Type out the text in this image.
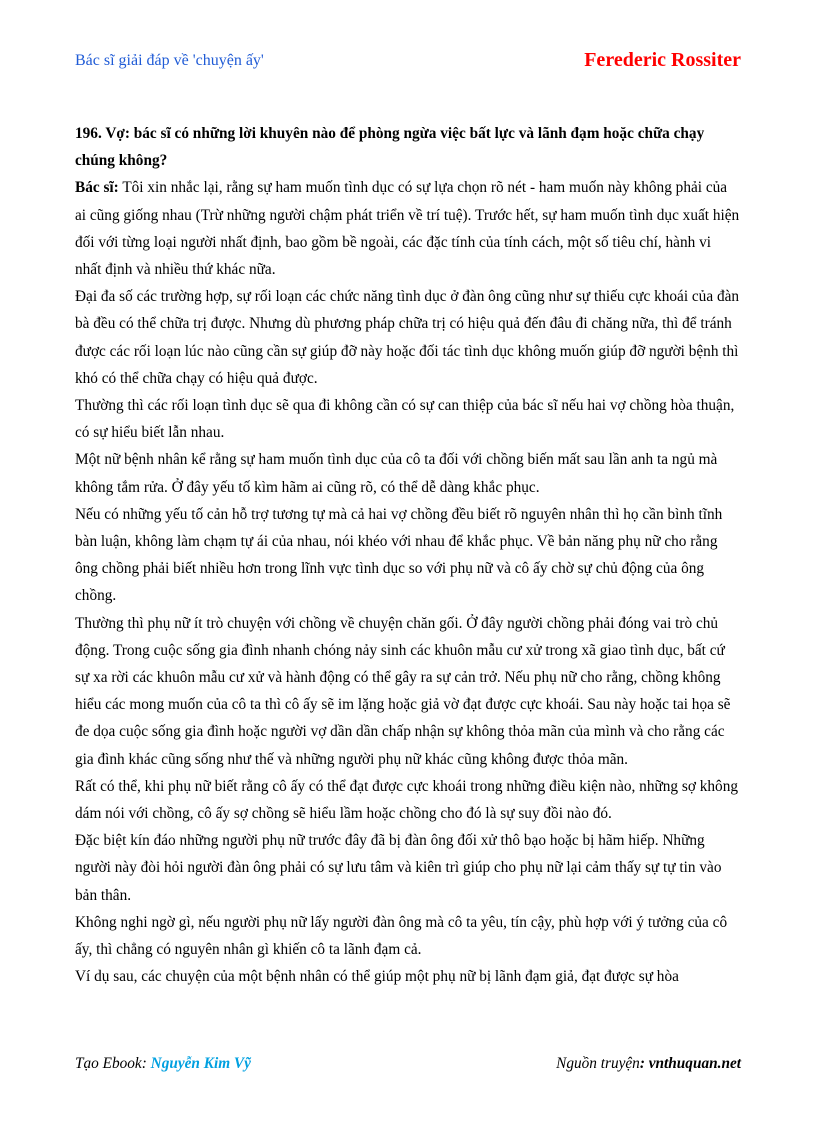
Bác sĩ giải đáp về 'chuyện ấy'	Ferederic Rossiter

196. Vợ: bác sĩ có những lời khuyên nào để phòng ngừa việc bất lực và lãnh đạm hoặc chữa chạy chúng không?

Bác sĩ: Tôi xin nhắc lại, rằng sự ham muốn tình dục có sự lựa chọn rõ nét - ham muốn này không phải của ai cũng giống nhau (Trừ những người chậm phát triển về trí tuệ). Trước hết, sự ham muốn tình dục xuất hiện đối với từng loại người nhất định, bao gồm bề ngoài, các đặc tính của tính cách, một số tiêu chí, hành vi nhất định và nhiều thứ khác nữa.

Đại đa số các trường hợp, sự rối loạn các chức năng tình dục ở đàn ông cũng như sự thiếu cực khoái của đàn bà đều có thể chữa trị được. Nhưng dù phương pháp chữa trị có hiệu quả đến đâu đi chăng nữa, thì để tránh được các rối loạn lúc nào cũng cần sự giúp đỡ này hoặc đối tác tình dục không muốn giúp đỡ người bệnh thì khó có thể chữa chạy có hiệu quả được.

Thường thì các rối loạn tình dục sẽ qua đi không cần có sự can thiệp của bác sĩ nếu hai vợ chồng hòa thuận, có sự hiểu biết lẫn nhau.

Một nữ bệnh nhân kể rằng sự ham muốn tình dục của cô ta đối với chồng biến mất sau lần anh ta ngủ mà không tắm rửa. Ở đây yếu tố kìm hãm ai cũng rõ, có thể dễ dàng khắc phục.

Nếu có những yếu tố cản hỗ trợ tương tự mà cả hai vợ chồng đều biết rõ nguyên nhân thì họ cần bình tĩnh bàn luận, không làm chạm tự ái của nhau, nói khéo với nhau để khắc phục. Về bản năng phụ nữ cho rằng ông chồng phải biết nhiều hơn trong lĩnh vực tình dục so với phụ nữ và cô ấy chờ sự chủ động của ông chồng.

Thường thì phụ nữ ít trò chuyện với chồng về chuyện chăn gối. Ở đây người chồng phải đóng vai trò chủ động. Trong cuộc sống gia đình nhanh chóng nảy sinh các khuôn mẫu cư xử trong xã giao tình dục, bất cứ sự xa rời các khuôn mẫu cư xử và hành động có thể gây ra sự cản trở. Nếu phụ nữ cho rằng, chồng không hiểu các mong muốn của cô ta thì cô ấy sẽ im lặng hoặc giả vờ đạt được cực khoái. Sau này hoặc tai họa sẽ đe dọa cuộc sống gia đình hoặc người vợ dần dần chấp nhận sự không thỏa mãn của mình và cho rằng các gia đình khác cũng sống như thế và những người phụ nữ khác cũng không được thỏa mãn.

Rất có thể, khi phụ nữ biết rằng cô ấy có thể đạt được cực khoái trong những điều kiện nào, những sợ không dám nói với chồng, cô ấy sợ chồng sẽ hiểu lầm hoặc chồng cho đó là sự suy đồi nào đó.

Đặc biệt kín đáo những người phụ nữ trước đây đã bị đàn ông đối xử thô bạo hoặc bị hãm hiếp. Những người này đòi hỏi người đàn ông phải có sự lưu tâm và kiên trì giúp cho phụ nữ lại cảm thấy sự tự tin vào bản thân.

Không nghi ngờ gì, nếu người phụ nữ lấy người đàn ông mà cô ta yêu, tín cậy, phù hợp với ý tưởng của cô ấy, thì chẳng có nguyên nhân gì khiến cô ta lãnh đạm cả.

Ví dụ sau, các chuyện của một bệnh nhân có thể giúp một phụ nữ bị lãnh đạm giả, đạt được sự hòa

Tạo Ebook: Nguyễn Kim Vỹ	Nguồn truyện: vnthuquan.net
